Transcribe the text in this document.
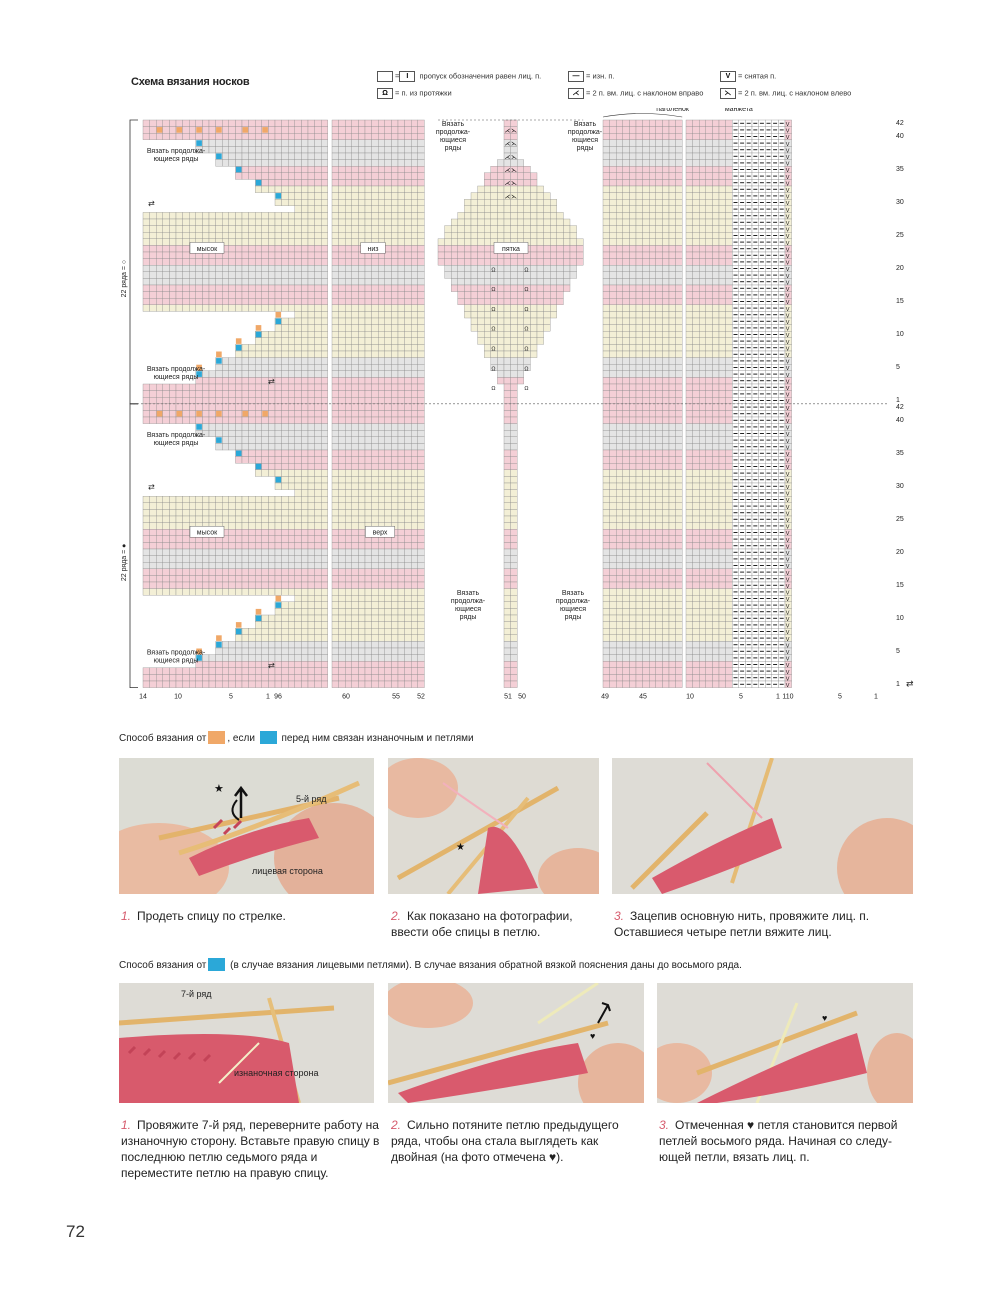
Схема вязания носков
= I пропуск обозначения равен лиц. п.
Ω = п. из протяжки
— = изн. п.
⋌ = 2 п. вм. лиц. с наклоном вправо
V = снятая п.
⋋ = 2 п. вм. лиц. с наклоном влево
⋌ ⋋
⋌ ⋋
⋌ ⋋
⋌ ⋋
⋌ ⋋
⋌ ⋋
Ω	Ω
Ω	Ω
Ω	Ω
Ω	Ω
Ω	Ω
Ω	Ω
Ω	Ω
V
V
V
V
V
V
V
V
V
V
V
V
V
V
V
V
V
V
V
V
V
V
V
V
V
V
V
V
V
V
V
V
V
V
V
V
V
V
V
V
V
V
V
V
V
V
V
V
V
V
V
V
V
V
V
V
V
V
V
V
V
V
V
V
V
V
V
V
V
V
V
V
V
V
V
V
V
V
V
V
V
V
V
V
V
V
22 ряда = ○
22 ряда = ●
паголенок	манжета
мысок	низ	пятка
мысок	верх
Вязать
продолжа-
ющиеся
ряды
Вязать
продолжа-
ющиеся
ряды
Вязать
продолжа-
ющиеся
ряды
Вязать
продолжа-
ющиеся
ряды
Вязать продолжа-
ющиеся ряды
Вязать продолжа-
ющиеся ряды
Вязать продолжа-
ющиеся ряды
Вязать продолжа-
ющиеся ряды
42
40
35
30
25
20
15
10
5
1
42
40
35
30
25
20
15
10
5
1 ⇄
⇄
⇄
⇄
⇄
14	10	5	1 96	60	55 52	51 50	49	45	10	5	1 110	5	1
Способ вязания от , если	перед ним связан изнаночным и петлями
★
5-й ряд
лицевая сторона
★
1. Продеть спицу по стрелке.	2. Как показано на фотографии, ввести обе спицы в петлю.
3. Зацепив основную нить, провяжите лиц. п. Оставшиеся четыре петли вяжите лиц.
Способ вязания от (в случае вязания лицевыми петлями). В случае вязания обратной вязкой пояснения даны до восьмого ряда.
7-й ряд
изнаночная сторона
♥
♥
1. Провяжите 7-й ряд, переверните работу на изнаночную сторону. Вставьте правую спицу в последнюю петлю седьмого ряда и переместите петлю на правую спицу.
2. Сильно потяните петлю предыдущего ряда, чтобы она стала выглядеть как двойная (на фото отмечена ♥).
3. Отмеченная ♥ петля становится первой петлей восьмого ряда. Начиная со следу-ющей петли, вязать лиц. п.
72
